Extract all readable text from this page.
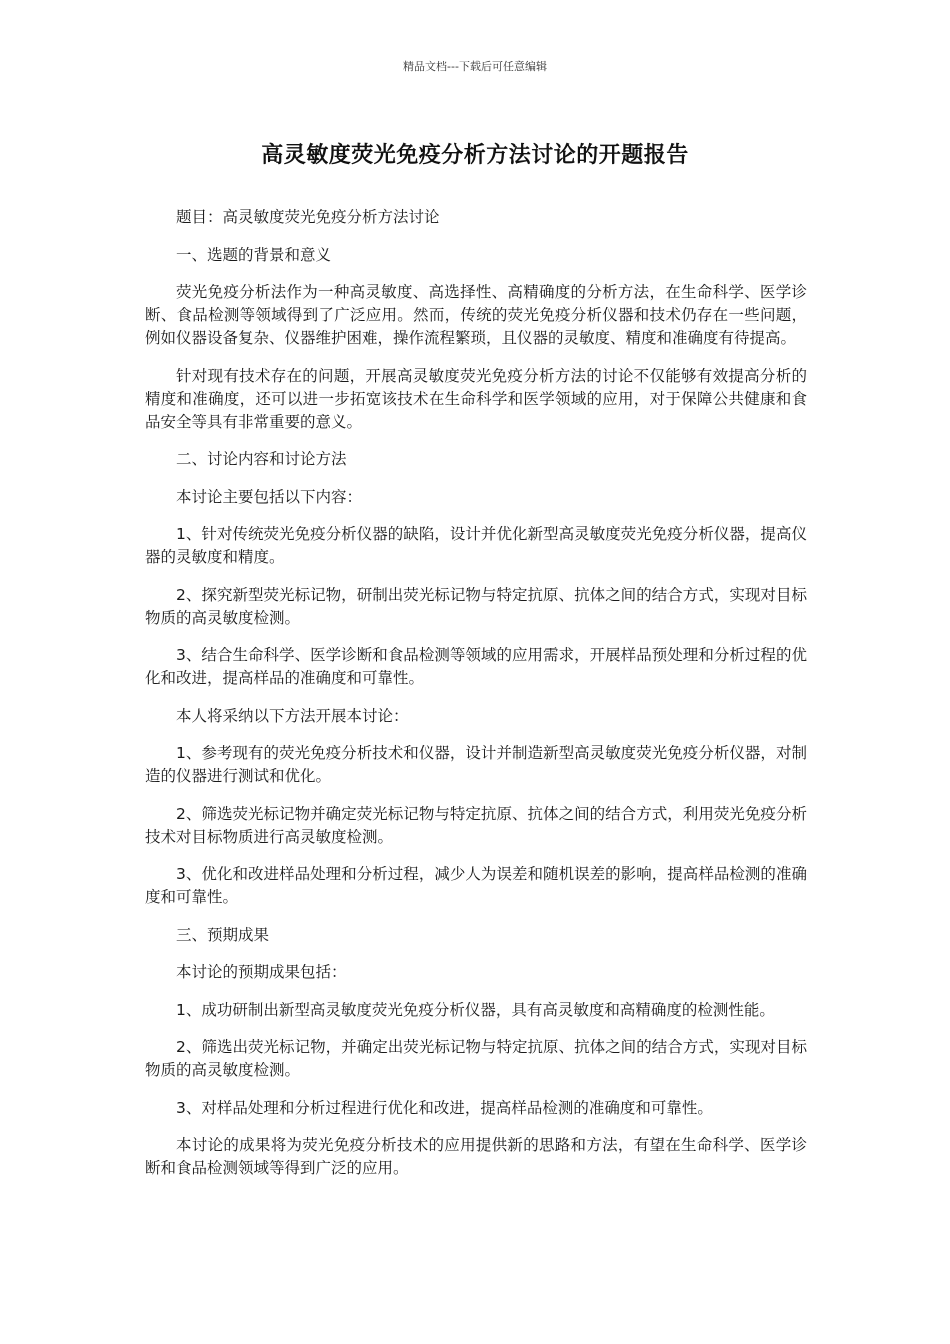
精品文档---下载后可任意编辑
高灵敏度荧光免疫分析方法讨论的开题报告

题目：高灵敏度荧光免疫分析方法讨论

一、选题的背景和意义

荧光免疫分析法作为一种高灵敏度、高选择性、高精确度的分析方法，在生命科学、医学诊断、食品检测等领域得到了广泛应用。然而，传统的荧光免疫分析仪器和技术仍存在一些问题，例如仪器设备复杂、仪器维护困难，操作流程繁琐，且仪器的灵敏度、精度和准确度有待提高。

针对现有技术存在的问题，开展高灵敏度荧光免疫分析方法的讨论不仅能够有效提高分析的精度和准确度，还可以进一步拓宽该技术在生命科学和医学领域的应用，对于保障公共健康和食品安全等具有非常重要的意义。

二、讨论内容和讨论方法

本讨论主要包括以下内容：

1、针对传统荧光免疫分析仪器的缺陷，设计并优化新型高灵敏度荧光免疫分析仪器，提高仪器的灵敏度和精度。

2、探究新型荧光标记物，研制出荧光标记物与特定抗原、抗体之间的结合方式，实现对目标物质的高灵敏度检测。

3、结合生命科学、医学诊断和食品检测等领域的应用需求，开展样品预处理和分析过程的优化和改进，提高样品的准确度和可靠性。

本人将采纳以下方法开展本讨论：

1、参考现有的荧光免疫分析技术和仪器，设计并制造新型高灵敏度荧光免疫分析仪器，对制造的仪器进行测试和优化。

2、筛选荧光标记物并确定荧光标记物与特定抗原、抗体之间的结合方式，利用荧光免疫分析技术对目标物质进行高灵敏度检测。

3、优化和改进样品处理和分析过程，减少人为误差和随机误差的影响，提高样品检测的准确度和可靠性。

三、预期成果

本讨论的预期成果包括：

1、成功研制出新型高灵敏度荧光免疫分析仪器，具有高灵敏度和高精确度的检测性能。

2、筛选出荧光标记物，并确定出荧光标记物与特定抗原、抗体之间的结合方式，实现对目标物质的高灵敏度检测。

3、对样品处理和分析过程进行优化和改进，提高样品检测的准确度和可靠性。

本讨论的成果将为荧光免疫分析技术的应用提供新的思路和方法，有望在生命科学、医学诊断和食品检测领域等得到广泛的应用。
